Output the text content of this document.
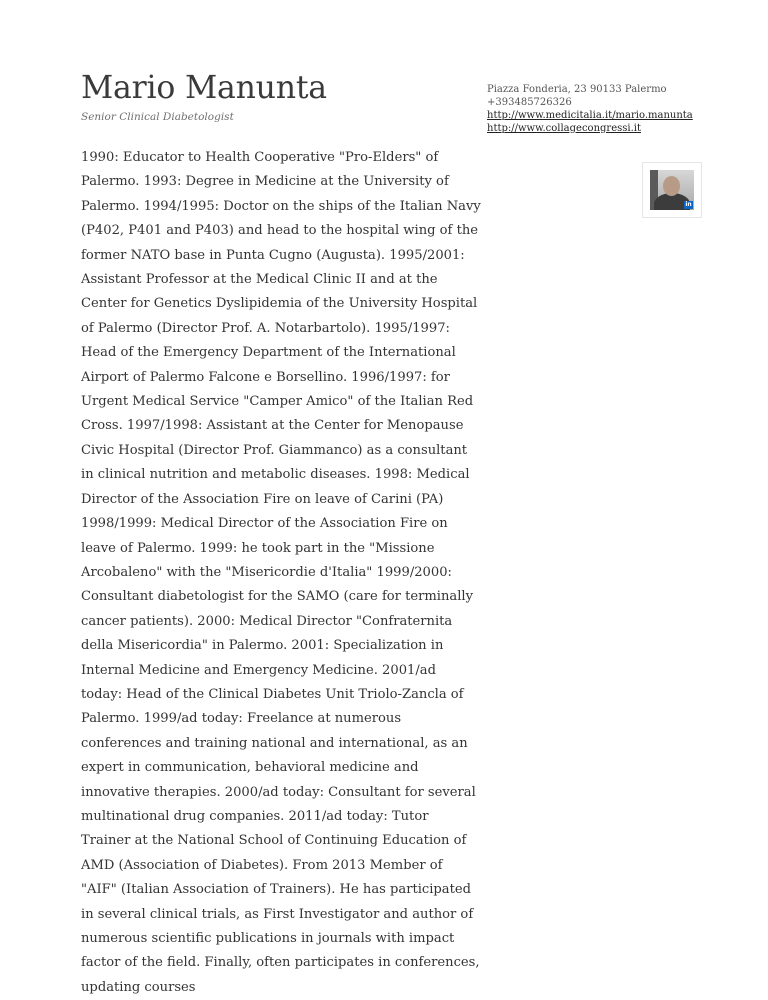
Mario Manunta

Senior Clinical Diabetologist

1990: Educator to Health Cooperative "Pro-Elders" of Palermo. 1993: Degree in Medicine at the University of Palermo. 1994/1995: Doctor on the ships of the Italian Navy (P402, P401 and P403) and head to the hospital wing of the former NATO base in Punta Cugno (Augusta). 1995/2001: Assistant Professor at the Medical Clinic II and at the Center for Genetics Dyslipidemia of the University Hospital of Palermo (Director Prof. A. Notarbartolo). 1995/1997: Head of the Emergency Department of the International Airport of Palermo Falcone e Borsellino. 1996/1997: for Urgent Medical Service "Camper Amico" of the Italian Red Cross. 1997/1998: Assistant at the Center for Menopause Civic Hospital (Director Prof. Giammanco) as a consultant in clinical nutrition and metabolic diseases. 1998: Medical Director of the Association Fire on leave of Carini (PA) 1998/1999: Medical Director of the Association Fire on leave of Palermo. 1999: he took part in the "Missione Arcobaleno" with the "Misericordie d'Italia" 1999/2000: Consultant diabetologist for the SAMO (care for terminally cancer patients). 2000: Medical Director "Confraternita della Misericordia" in Palermo. 2001: Specialization in Internal Medicine and Emergency Medicine. 2001/ad today: Head of the Clinical Diabetes Unit Triolo-Zancla of Palermo. 1999/ad today: Freelance at numerous conferences and training national and international, as an expert in communication, behavioral medicine and innovative therapies. 2000/ad today: Consultant for several multinational drug companies. 2011/ad today: Tutor Trainer at the National School of Continuing Education of AMD (Association of Diabetes). From 2013 Member of "AIF" (Italian Association of Trainers). He has participated in several clinical trials, as First Investigator and author of numerous scientific publications in journals with impact factor of the field. Finally, often participates in conferences, updating courses
Piazza Fonderia, 23 90133 Palermo
+393485726326
http://www.medicitalia.it/mario.manunta
http://www.collagecongressi.it
in
